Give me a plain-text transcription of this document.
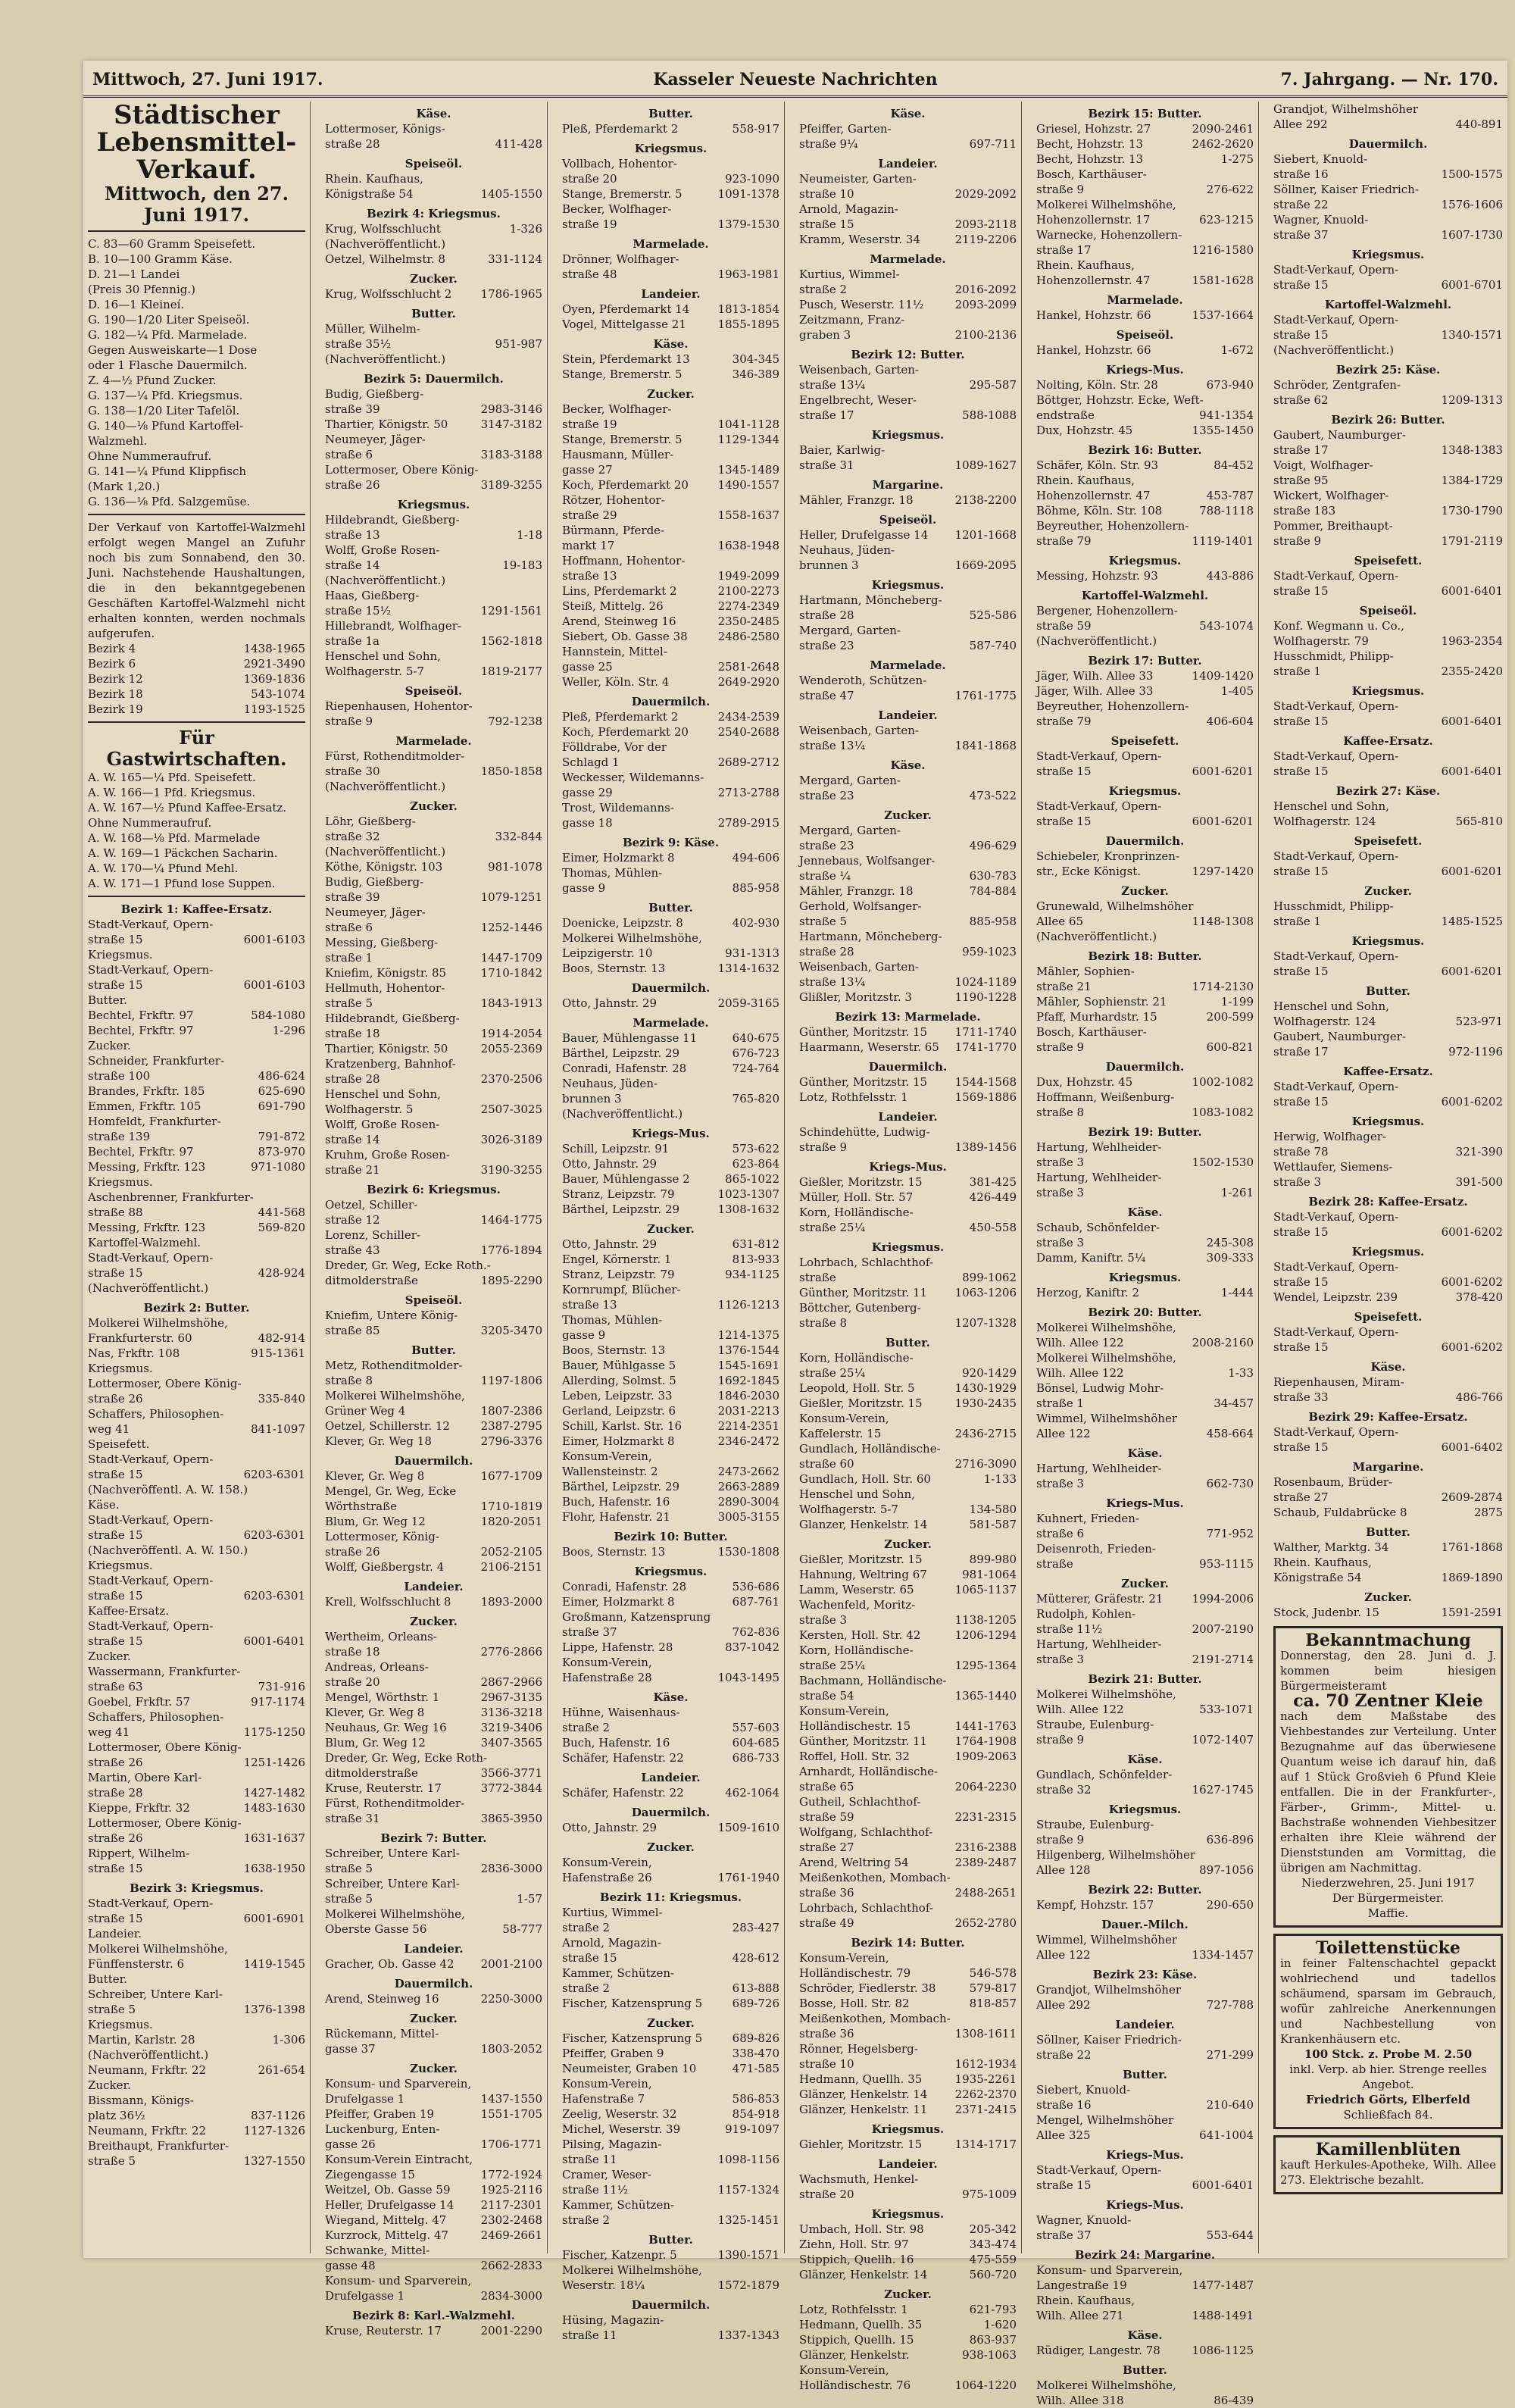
Mittwoch, 27. Juni 1917.	Kasseler Neueste Nachrichten	7. Jahrgang. — Nr. 170.
Städtischer Lebensmittel-Verkauf.
Mittwoch, den 27. Juni 1917.
C. 83—60 Gramm Speisefett.
B. 10—100 Gramm Käse.
D. 21—1 Landei
(Preis 30 Pfennig.)
D. 16—1 Kleineí.
G. 190—1/20 Liter Speiseöl.
G. 182—¼ Pfd. Marmelade.
Gegen Ausweiskarte—1 Dose
oder 1 Flasche Dauermilch.
Z. 4—½ Pfund Zucker.
G. 137—¼ Pfd. Kriegsmus.
G. 138—1/20 Liter Tafelöl.
G. 140—⅛ Pfund Kartoffel-
Walzmehl.
Ohne Nummeraufruf.
G. 141—¼ Pfund Klippfisch
(Mark 1,20.)
G. 136—⅛ Pfd. Salzgemüse.
Der Verkauf von Kartoffel-Walzmehl erfolgt wegen Mangel an Zufuhr noch bis zum Sonnabend, den 30. Juni. Nachstehende Haushaltungen, die in den bekanntgegebenen Geschäften Kartoffel-Walzmehl nicht erhalten konnten, werden nochmals aufgerufen.
Bezirk 4	1438-1965
Bezirk 6	2921-3490
Bezirk 12	1369-1836
Bezirk 18	543-1074
Bezirk 19	1193-1525
Für Gastwirtschaften.
A. W. 165—¼ Pfd. Speisefett.
A. W. 166—1 Pfd. Kriegsmus.
A. W. 167—½ Pfund Kaffee-Ersatz.
Ohne Nummeraufruf.
A. W. 168—⅛ Pfd. Marmelade
A. W. 169—1 Päckchen Sacharin.
A. W. 170—¼ Pfund Mehl.
A. W. 171—1 Pfund lose Suppen.
Bezirk 1: Kaffee-Ersatz.
Stadt-Verkauf, Opern-
straße 15	6001-6103
Kriegsmus.
Stadt-Verkauf, Opern-
straße 15	6001-6103
Butter.
Bechtel, Frkftr. 97	584-1080
Bechtel, Frkftr. 97	1-296
Zucker.
Schneider, Frankfurter-
straße 100	486-624
Brandes, Frkftr. 185	625-690
Emmen, Frkftr. 105	691-790
Homfeldt, Frankfurter-
straße 139	791-872
Bechtel, Frkftr. 97	873-970
Messing, Frkftr. 123	971-1080
Kriegsmus.
Aschenbrenner, Frankfurter-
straße 88	441-568
Messing, Frkftr. 123	569-820
Kartoffel-Walzmehl.
Stadt-Verkauf, Opern-
straße 15	428-924
(Nachveröffentlicht.)
Bezirk 2: Butter.
Molkerei Wilhelmshöhe,
Frankfurterstr. 60	482-914
Nas, Frkftr. 108	915-1361
Kriegsmus.
Lottermoser, Obere König-
straße 26	335-840
Schaffers, Philosophen-
weg 41	841-1097
Speisefett.
Stadt-Verkauf, Opern-
straße 15	6203-6301
(Nachveröffentl. A. W. 158.)
Käse.
Stadt-Verkauf, Opern-
straße 15	6203-6301
(Nachveröffentl. A. W. 150.)
Kriegsmus.
Stadt-Verkauf, Opern-
straße 15	6203-6301
Kaffee-Ersatz.
Stadt-Verkauf, Opern-
straße 15	6001-6401
Zucker.
Wassermann, Frankfurter-
straße 63	731-916
Goebel, Frkftr. 57	917-1174
Schaffers, Philosophen-
weg 41	1175-1250
Lottermoser, Obere König-
straße 26	1251-1426
Martin, Obere Karl-
straße 28	1427-1482
Kieppe, Frkftr. 32	1483-1630
Lottermoser, Obere König-
straße 26	1631-1637
Rippert, Wilhelm-
straße 15	1638-1950
Bezirk 3: Kriegsmus.
Stadt-Verkauf, Opern-
straße 15	6001-6901
Landeier.
Molkerei Wilhelmshöhe,
Fünffensterstr. 6	1419-1545
Butter.
Schreiber, Untere Karl-
straße 5	1376-1398
Kriegsmus.
Martin, Karlstr. 28	1-306
(Nachveröffentlicht.)
Neumann, Frkftr. 22	261-654
Zucker.
Bissmann, Königs-
platz 36½	837-1126
Neumann, Frkftr. 22	1127-1326
Breithaupt, Frankfurter-
straße 5	1327-1550
Käse.
Lottermoser, Königs-
straße 28	411-428
Speiseöl.
Rhein. Kaufhaus,
Königstraße 54	1405-1550
Bezirk 4: Kriegsmus.
Krug, Wolfsschlucht	1-326
(Nachveröffentlicht.)
Oetzel, Wilhelmstr. 8	331-1124
Zucker.
Krug, Wolfsschlucht 2	1786-1965
Butter.
Müller, Wilhelm-
straße 35½	951-987
(Nachveröffentlicht.)
Bezirk 5: Dauermilch.
Budig, Gießberg-
straße 39	2983-3146
Thartier, Königstr. 50	3147-3182
Neumeyer, Jäger-
straße 6	3183-3188
Lottermoser, Obere König-
straße 26	3189-3255
Kriegsmus.
Hildebrandt, Gießberg-
straße 13	1-18
Wolff, Große Rosen-
straße 14	19-183
(Nachveröffentlicht.)
Haas, Gießberg-
straße 15½	1291-1561
Hillebrandt, Wolfhager-
straße 1a	1562-1818
Henschel und Sohn,
Wolfhagerstr. 5-7	1819-2177
Speiseöl.
Riepenhausen, Hohentor-
straße 9	792-1238
Marmelade.
Fürst, Rothenditmolder-
straße 30	1850-1858
(Nachveröffentlicht.)
Zucker.
Löhr, Gießberg-
straße 32	332-844
(Nachveröffentlicht.)
Köthe, Königstr. 103	981-1078
Budig, Gießberg-
straße 39	1079-1251
Neumeyer, Jäger-
straße 6	1252-1446
Messing, Gießberg-
straße 1	1447-1709
Kniefim, Königstr. 85	1710-1842
Hellmuth, Hohentor-
straße 5	1843-1913
Hildebrandt, Gießberg-
straße 18	1914-2054
Thartier, Königstr. 50	2055-2369
Kratzenberg, Bahnhof-
straße 28	2370-2506
Henschel und Sohn,
Wolfhagerstr. 5	2507-3025
Wolff, Große Rosen-
straße 14	3026-3189
Kruhm, Große Rosen-
straße 21	3190-3255
Bezirk 6: Kriegsmus.
Oetzel, Schiller-
straße 12	1464-1775
Lorenz, Schiller-
straße 43	1776-1894
Dreder, Gr. Weg, Ecke Roth.-
ditmolderstraße	1895-2290
Speiseöl.
Kniefim, Untere König-
straße 85	3205-3470
Butter.
Metz, Rothenditmolder-
straße 8	1197-1806
Molkerei Wilhelmshöhe,
Grüner Weg 4	1807-2386
Oetzel, Schillerstr. 12	2387-2795
Klever, Gr. Weg 18	2796-3376
Dauermilch.
Klever, Gr. Weg 8	1677-1709
Mengel, Gr. Weg, Ecke
Wörthstraße	1710-1819
Blum, Gr. Weg 12	1820-2051
Lottermoser, König-
straße 26	2052-2105
Wolff, Gießbergstr. 4	2106-2151
Landeier.
Krell, Wolfsschlucht 8	1893-2000
Zucker.
Wertheim, Orleans-
straße 18	2776-2866
Andreas, Orleans-
straße 20	2867-2966
Mengel, Wörthstr. 1	2967-3135
Klever, Gr. Weg 8	3136-3218
Neuhaus, Gr. Weg 16	3219-3406
Blum, Gr. Weg 12	3407-3565
Dreder, Gr. Weg, Ecke Roth-
ditmolderstraße	3566-3771
Kruse, Reuterstr. 17	3772-3844
Fürst, Rothenditmolder-
straße 31	3865-3950
Bezirk 7: Butter.
Schreiber, Untere Karl-
straße 5	2836-3000
Schreiber, Untere Karl-
straße 5	1-57
Molkerei Wilhelmshöhe,
Oberste Gasse 56	58-777
Landeier.
Gracher, Ob. Gasse 42 2001-2100
Dauermilch.
Arend, Steinweg 16	2250-3000
Zucker.
Rückemann, Mittel-
gasse 37	1803-2052
Zucker.
Konsum- und Sparverein,
Drufelgasse 1	1437-1550
Pfeiffer, Graben 19	1551-1705
Luckenburg, Enten-
gasse 26	1706-1771
Konsum-Verein Eintracht,
Ziegengasse 15	1772-1924
Weitzel, Ob. Gasse 59	1925-2116
Heller, Drufelgasse 14 2117-2301
Wiegand, Mittelg. 47	2302-2468
Kurzrock, Mittelg. 47	2469-2661
Schwanke, Mittel-
gasse 48	2662-2833
Konsum- und Sparverein,
Drufelgasse 1	2834-3000
Bezirk 8: Karl.-Walzmehl.
Kruse, Reuterstr. 17	2001-2290
Butter.
Pleß, Pferdemarkt 2	558-917
Kriegsmus.
Vollbach, Hohentor-
straße 20	923-1090
Stange, Bremerstr. 5	1091-1378
Becker, Wolfhager-
straße 19	1379-1530
Marmelade.
Drönner, Wolfhager-
straße 48	1963-1981
Landeier.
Oyen, Pferdemarkt 14 1813-1854
Vogel, Mittelgasse 21	1855-1895
Käse.
Stein, Pferdemarkt 13	304-345
Stange, Bremerstr. 5	346-389
Zucker.
Becker, Wolfhager-
straße 19	1041-1128
Stange, Bremerstr. 5	1129-1344
Hausmann, Müller-
gasse 27	1345-1489
Koch, Pferdemarkt 20	1490-1557
Rötzer, Hohentor-
straße 29	1558-1637
Bürmann, Pferde-
markt 17	1638-1948
Hoffmann, Hohentor-
straße 13	1949-2099
Lins, Pferdemarkt 2	2100-2273
Steiß, Mittelg. 26	2274-2349
Arend, Steinweg 16	2350-2485
Siebert, Ob. Gasse 38	2486-2580
Hannstein, Mittel-
gasse 25	2581-2648
Weller, Köln. Str. 4	2649-2920
Dauermilch.
Pleß, Pferdemarkt 2	2434-2539
Koch, Pferdemarkt 20	2540-2688
Fölldrabe, Vor der
Schlagd 1	2689-2712
Weckesser, Wildemanns-
gasse 29	2713-2788
Trost, Wildemanns-
gasse 18	2789-2915
Bezirk 9: Käse.
Eimer, Holzmarkt 8	494-606
Thomas, Mühlen-
gasse 9	885-958
Butter.
Doenicke, Leipzstr. 8	402-930
Molkerei Wilhelmshöhe,
Leipzigerstr. 10	931-1313
Boos, Sternstr. 13	1314-1632
Dauermilch.
Otto, Jahnstr. 29	2059-3165
Marmelade.
Bauer, Mühlengasse 11	640-675
Bärthel, Leipzstr. 29	676-723
Conradi, Hafenstr. 28	724-764
Neuhaus, Jüden-
brunnen 3	765-820
(Nachveröffentlicht.)
Kriegs-Mus.
Schill, Leipzstr. 91	573-622
Otto, Jahnstr. 29	623-864
Bauer, Mühlengasse 2	865-1022
Stranz, Leipzstr. 79	1023-1307
Bärthel, Leipzstr. 29	1308-1632
Zucker.
Otto, Jahnstr. 29	631-812
Engel, Körnerstr. 1	813-933
Stranz, Leipzstr. 79	934-1125
Kornrumpf, Blücher-
straße 13	1126-1213
Thomas, Mühlen-
gasse 9	1214-1375
Boos, Sternstr. 13	1376-1544
Bauer, Mühlgasse 5	1545-1691
Allerding, Solmst. 5	1692-1845
Leben, Leipzstr. 33	1846-2030
Gerland, Leipzstr. 6	2031-2213
Schill, Karlst. Str. 16	2214-2351
Eimer, Holzmarkt 8	2346-2472
Konsum-Verein,
Wallensteinstr. 2	2473-2662
Bärthel, Leipzstr. 29	2663-2889
Buch, Hafenstr. 16	2890-3004
Flohr, Hafenstr. 21	3005-3155
Bezirk 10: Butter.
Boos, Sternstr. 13	1530-1808
Kriegsmus.
Conradi, Hafenstr. 28	536-686
Eimer, Holzmarkt 8	687-761
Großmann, Katzensprung
straße 37	762-836
Lippe, Hafenstr. 28	837-1042
Konsum-Verein,
Hafenstraße 28	1043-1495
Käse.
Hühne, Waisenhaus-
straße 2	557-603
Buch, Hafenstr. 16	604-685
Schäfer, Hafenstr. 22	686-733
Landeier.
Schäfer, Hafenstr. 22	462-1064
Dauermilch.
Otto, Jahnstr. 29	1509-1610
Zucker.
Konsum-Verein,
Hafenstraße 26	1761-1940
Bezirk 11: Kriegsmus.
Kurtius, Wimmel-
straße 2	283-427
Arnold, Magazin-
straße 15	428-612
Kammer, Schützen-
straße 2	613-888
Fischer, Katzensprung 5	689-726
Zucker.
Fischer, Katzensprung 5	689-826
Pfeiffer, Graben 9	338-470
Neumeister, Graben 10	471-585
Konsum-Verein,
Hafenstraße 7	586-853
Zeelig, Weserstr. 32	854-918
Michel, Weserstr. 39	919-1097
Pilsing, Magazin-
straße 11	1098-1156
Cramer, Weser-
straße 11½	1157-1324
Kammer, Schützen-
straße 2	1325-1451
Butter.
Fischer, Katzenpr. 5	1390-1571
Molkerei Wilhelmshöhe,
Weserstr. 18¼	1572-1879
Dauermilch.
Hüsing, Magazin-
straße 11	1337-1343
Käse.
Pfeiffer, Garten-
straße 9¼	697-711
Landeier.
Neumeister, Garten-
straße 10	2029-2092
Arnold, Magazin-
straße 15	2093-2118
Kramm, Weserstr. 34	2119-2206
Marmelade.
Kurtius, Wimmel-
straße 2	2016-2092
Pusch, Weserstr. 11½	2093-2099
Zeitzmann, Franz-
graben 3	2100-2136
Bezirk 12: Butter.
Weisenbach, Garten-
straße 13¼	295-587
Engelbrecht, Weser-
straße 17	588-1088
Kriegsmus.
Baier, Karlwig-
straße 31	1089-1627
Margarine.
Mähler, Franzgr. 18	2138-2200
Speiseöl.
Heller, Drufelgasse 14 1201-1668
Neuhaus, Jüden-
brunnen 3	1669-2095
Kriegsmus.
Hartmann, Möncheberg-
straße 28	525-586
Mergard, Garten-
straße 23	587-740
Marmelade.
Wenderoth, Schützen-
straße 47	1761-1775
Landeier.
Weisenbach, Garten-
straße 13¼	1841-1868
Käse.
Mergard, Garten-
straße 23	473-522
Zucker.
Mergard, Garten-
straße 23	496-629
Jennebaus, Wolfsanger-
straße ¼	630-783
Mähler, Franzgr. 18	784-884
Gerhold, Wolfsanger-
straße 5	885-958
Hartmann, Möncheberg-
straße 28	959-1023
Weisenbach, Garten-
straße 13¼	1024-1189
Glißler, Moritzstr. 3	1190-1228
Bezirk 13: Marmelade.
Günther, Moritzstr. 15 1711-1740
Haarmann, Weserstr. 65 1741-1770
Dauermilch.
Günther, Moritzstr. 15 1544-1568
Lotz, Rothfelsstr. 1	1569-1886
Landeier.
Schindehütte, Ludwig-
straße 9	1389-1456
Kriegs-Mus.
Gießler, Moritzstr. 15	381-425
Müller, Holl. Str. 57	426-449
Korn, Holländische-
straße 25¼	450-558
Kriegsmus.
Lohrbach, Schlachthof-
straße	899-1062
Günther, Moritzstr. 11 1063-1206
Böttcher, Gutenberg-
straße 8	1207-1328
Butter.
Korn, Holländische-
straße 25¼	920-1429
Leopold, Holl. Str. 5	1430-1929
Gießler, Moritzstr. 15	1930-2435
Konsum-Verein,
Kaffelerstr. 15	2436-2715
Gundlach, Holländische-
straße 60	2716-3090
Gundlach, Holl. Str. 60	1-133
Henschel und Sohn,
Wolfhagerstr. 5-7	134-580
Glanzer, Henkelstr. 14	581-587
Zucker.
Gießler, Moritzstr. 15	899-980
Hahnung, Weltring 67	981-1064
Lamm, Weserstr. 65	1065-1137
Wachenfeld, Moritz-
straße 3	1138-1205
Kersten, Holl. Str. 42	1206-1294
Korn, Holländische-
straße 25¼	1295-1364
Bachmann, Holländische-
straße 54	1365-1440
Konsum-Verein,
Holländischestr. 15	1441-1763
Günther, Moritzstr. 11 1764-1908
Roffel, Holl. Str. 32	1909-2063
Arnhardt, Holländische-
straße 65	2064-2230
Gutheil, Schlachthof-
straße 59	2231-2315
Wolfgang, Schlachthof-
straße 27	2316-2388
Arend, Weltring 54	2389-2487
Meißenkothen, Mombach-
straße 36	2488-2651
Lohrbach, Schlachthof-
straße 49	2652-2780
Bezirk 14: Butter.
Konsum-Verein,
Holländischestr. 79	546-578
Schröder, Fiedlerstr. 38	579-817
Bosse, Holl. Str. 82	818-857
Meißenkothen, Mombach-
straße 36	1308-1611
Rönner, Hegelsberg-
straße 10	1612-1934
Hedmann, Quellh. 35	1935-2261
Glänzer, Henkelstr. 14 2262-2370
Glänzer, Henkelstr. 11 2371-2415
Kriegsmus.
Giehler, Moritzstr. 15	1314-1717
Landeier.
Wachsmuth, Henkel-
straße 20	975-1009
Kriegsmus.
Umbach, Holl. Str. 98	205-342
Ziehn, Holl. Str. 97	343-474
Stippich, Quellh. 16	475-559
Glänzer, Henkelstr. 14	560-720
Zucker.
Lotz, Rothfelsstr. 1	621-793
Hedmann, Quellh. 35	1-620
Stippich, Quellh. 15	863-937
Glänzer, Henkelstr.	938-1063
Konsum-Verein,
Holländischestr. 76	1064-1220
Bezirk 15: Butter.
Griesel, Hohzstr. 27	2090-2461
Becht, Hohzstr. 13	2462-2620
Becht, Hohzstr. 13	1-275
Bosch, Karthäuser-
straße 9	276-622
Molkerei Wilhelmshöhe,
Hohenzollernstr. 17	623-1215
Warnecke, Hohenzollern-
straße 17	1216-1580
Rhein. Kaufhaus,
Hohenzollernstr. 47	1581-1628
Marmelade.
Hankel, Hohzstr. 66	1537-1664
Speiseöl.
Hankel, Hohzstr. 66	1-672
Kriegs-Mus.
Nolting, Köln. Str. 28	673-940
Böttger, Hohzstr. Ecke, Weft-
endstraße	941-1354
Dux, Hohzstr. 45	1355-1450
Bezirk 16: Butter.
Schäfer, Köln. Str. 93	84-452
Rhein. Kaufhaus,
Hohenzollernstr. 47	453-787
Böhme, Köln. Str. 108	788-1118
Beyreuther, Hohenzollern-
straße 79	1119-1401
Kriegsmus.
Messing, Hohzstr. 93	443-886
Kartoffel-Walzmehl.
Bergener, Hohenzollern-
straße 59	543-1074
(Nachveröffentlicht.)
Bezirk 17: Butter.
Jäger, Wilh. Allee 33	1409-1420
Jäger, Wilh. Allee 33	1-405
Beyreuther, Hohenzollern-
straße 79	406-604
Speisefett.
Stadt-Verkauf, Opern-
straße 15	6001-6201
Kriegsmus.
Stadt-Verkauf, Opern-
straße 15	6001-6201
Dauermilch.
Schiebeler, Kronprinzen-
str., Ecke Königst.	1297-1420
Zucker.
Grunewald, Wilhelmshöher
Allee 65	1148-1308
(Nachveröffentlicht.)
Bezirk 18: Butter.
Mähler, Sophien-
straße 21	1714-2130
Mähler, Sophienstr. 21	1-199
Pfaff, Murhardstr. 15	200-599
Bosch, Karthäuser-
straße 9	600-821
Dauermilch.
Dux, Hohzstr. 45	1002-1082
Hoffmann, Weißenburg-
straße 8	1083-1082
Bezirk 19: Butter.
Hartung, Wehlheider-
straße 3	1502-1530
Hartung, Wehlheider-
straße 3	1-261
Käse.
Schaub, Schönfelder-
straße 3	245-308
Damm, Kaniftr. 5¼	309-333
Kriegsmus.
Herzog, Kaniftr. 2	1-444
Bezirk 20: Butter.
Molkerei Wilhelmshöhe,
Wilh. Allee 122	2008-2160
Molkerei Wilhelmshöhe,
Wilh. Allee 122	1-33
Bönsel, Ludwig Mohr-
straße 1	34-457
Wimmel, Wilhelmshöher
Allee 122	458-664
Käse.
Hartung, Wehlheider-
straße 3	662-730
Kriegs-Mus.
Kuhnert, Frieden-
straße 6	771-952
Deisenroth, Frieden-
straße	953-1115
Zucker.
Mütterer, Gräfestr. 21	1994-2006
Rudolph, Kohlen-
straße 11½	2007-2190
Hartung, Wehlheider-
straße 3	2191-2714
Bezirk 21: Butter.
Molkerei Wilhelmshöhe,
Wilh. Allee 122	533-1071
Straube, Eulenburg-
straße 9	1072-1407
Käse.
Gundlach, Schönfelder-
straße 32	1627-1745
Kriegsmus.
Straube, Eulenburg-
straße 9	636-896
Hilgenberg, Wilhelmshöher
Allee 128	897-1056
Bezirk 22: Butter.
Kempf, Hohzstr. 157	290-650
Dauer.-Milch.
Wimmel, Wilhelmshöher
Allee 122	1334-1457
Bezirk 23: Käse.
Grandjot, Wilhelmshöher
Allee 292	727-788
Landeier.
Söllner, Kaiser Friedrich-
straße 22	271-299
Butter.
Siebert, Knuold-
straße 16	210-640
Mengel, Wilhelmshöher
Allee 325	641-1004
Kriegs-Mus.
Stadt-Verkauf, Opern-
straße 15	6001-6401
Kriegs-Mus.
Wagner, Knuold-
straße 37	553-644
Bezirk 24: Margarine.
Konsum- und Sparverein,
Langestraße 19	1477-1487
Rhein. Kaufhaus,
Wilh. Allee 271	1488-1491
Käse.
Rüdiger, Langestr. 78	1086-1125
Butter.
Molkerei Wilhelmshöhe,
Wilh. Allee 318	86-439
Grandjot, Wilhelmshöher
Allee 292	440-891
Dauermilch.
Siebert, Knuold-
straße 16	1500-1575
Söllner, Kaiser Friedrich-
straße 22	1576-1606
Wagner, Knuold-
straße 37	1607-1730
Kriegsmus.
Stadt-Verkauf, Opern-
straße 15	6001-6701
Kartoffel-Walzmehl.
Stadt-Verkauf, Opern-
straße 15	1340-1571
(Nachveröffentlicht.)
Bezirk 25: Käse.
Schröder, Zentgrafen-
straße 62	1209-1313
Bezirk 26: Butter.
Gaubert, Naumburger-
straße 17	1348-1383
Voigt, Wolfhager-
straße 95	1384-1729
Wickert, Wolfhager-
straße 183	1730-1790
Pommer, Breithaupt-
straße 9	1791-2119
Speisefett.
Stadt-Verkauf, Opern-
straße 15	6001-6401
Speiseöl.
Konf. Wegmann u. Co.,
Wolfhagerstr. 79	1963-2354
Husschmidt, Philipp-
straße 1	2355-2420
Kriegsmus.
Stadt-Verkauf, Opern-
straße 15	6001-6401
Kaffee-Ersatz.
Stadt-Verkauf, Opern-
straße 15	6001-6401
Bezirk 27: Käse.
Henschel und Sohn,
Wolfhagerstr. 124	565-810
Speisefett.
Stadt-Verkauf, Opern-
straße 15	6001-6201
Zucker.
Husschmidt, Philipp-
straße 1	1485-1525
Kriegsmus.
Stadt-Verkauf, Opern-
straße 15	6001-6201
Butter.
Henschel und Sohn,
Wolfhagerstr. 124	523-971
Gaubert, Naumburger-
straße 17	972-1196
Kaffee-Ersatz.
Stadt-Verkauf, Opern-
straße 15	6001-6202
Kriegsmus.
Herwig, Wolfhager-
straße 78	321-390
Wettlaufer, Siemens-
straße 3	391-500
Bezirk 28: Kaffee-Ersatz.
Stadt-Verkauf, Opern-
straße 15	6001-6202
Kriegsmus.
Stadt-Verkauf, Opern-
straße 15	6001-6202
Wendel, Leipzstr. 239	378-420
Speisefett.
Stadt-Verkauf, Opern-
straße 15	6001-6202
Käse.
Riepenhausen, Miram-
straße 33	486-766
Bezirk 29: Kaffee-Ersatz.
Stadt-Verkauf, Opern-
straße 15	6001-6402
Margarine.
Rosenbaum, Brüder-
straße 27	2609-2874
Schaub, Fuldabrücke 8	2875
Butter.
Walther, Marktg. 34	1761-1868
Rhein. Kaufhaus,
Königstraße 54	1869-1890
Zucker.
Stock, Judenbr. 15	1591-2591
Bekanntmachung
Donnerstag, den 28. Juni d. J. kommen beim hiesigen Bürgermeisteramt
ca. 70 Zentner Kleie
nach dem Maßstabe des Viehbestandes zur Verteilung. Unter Bezugnahme auf das überwiesene Quantum weise ich darauf hin, daß auf 1 Stück Großvieh 6 Pfund Kleie entfallen. Die in der Frankfurter-, Färber-, Grimm-, Mittel- u. Bachstraße wohnenden Viehbesitzer erhalten ihre Kleie während der Dienststunden am Vormittag, die übrigen am Nachmittag.
Niederzwehren, 25. Juni 1917
Der Bürgermeister.
Maffie.
Toilettenstücke
in feiner Faltenschachtel gepackt wohlriechend und tadellos schäumend, sparsam im Gebrauch, wofür zahlreiche Anerkennungen und Nachbestellung von Krankenhäusern etc.
100 Stck. z. Probe M. 2.50
inkl. Verp. ab hier. Strenge reelles Angebot.
Friedrich Görts, Elberfeld
Schließfach 84.
Kamillenblüten
kauft Herkules-Apotheke, Wilh. Allee 273. Elektrische bezahlt.
